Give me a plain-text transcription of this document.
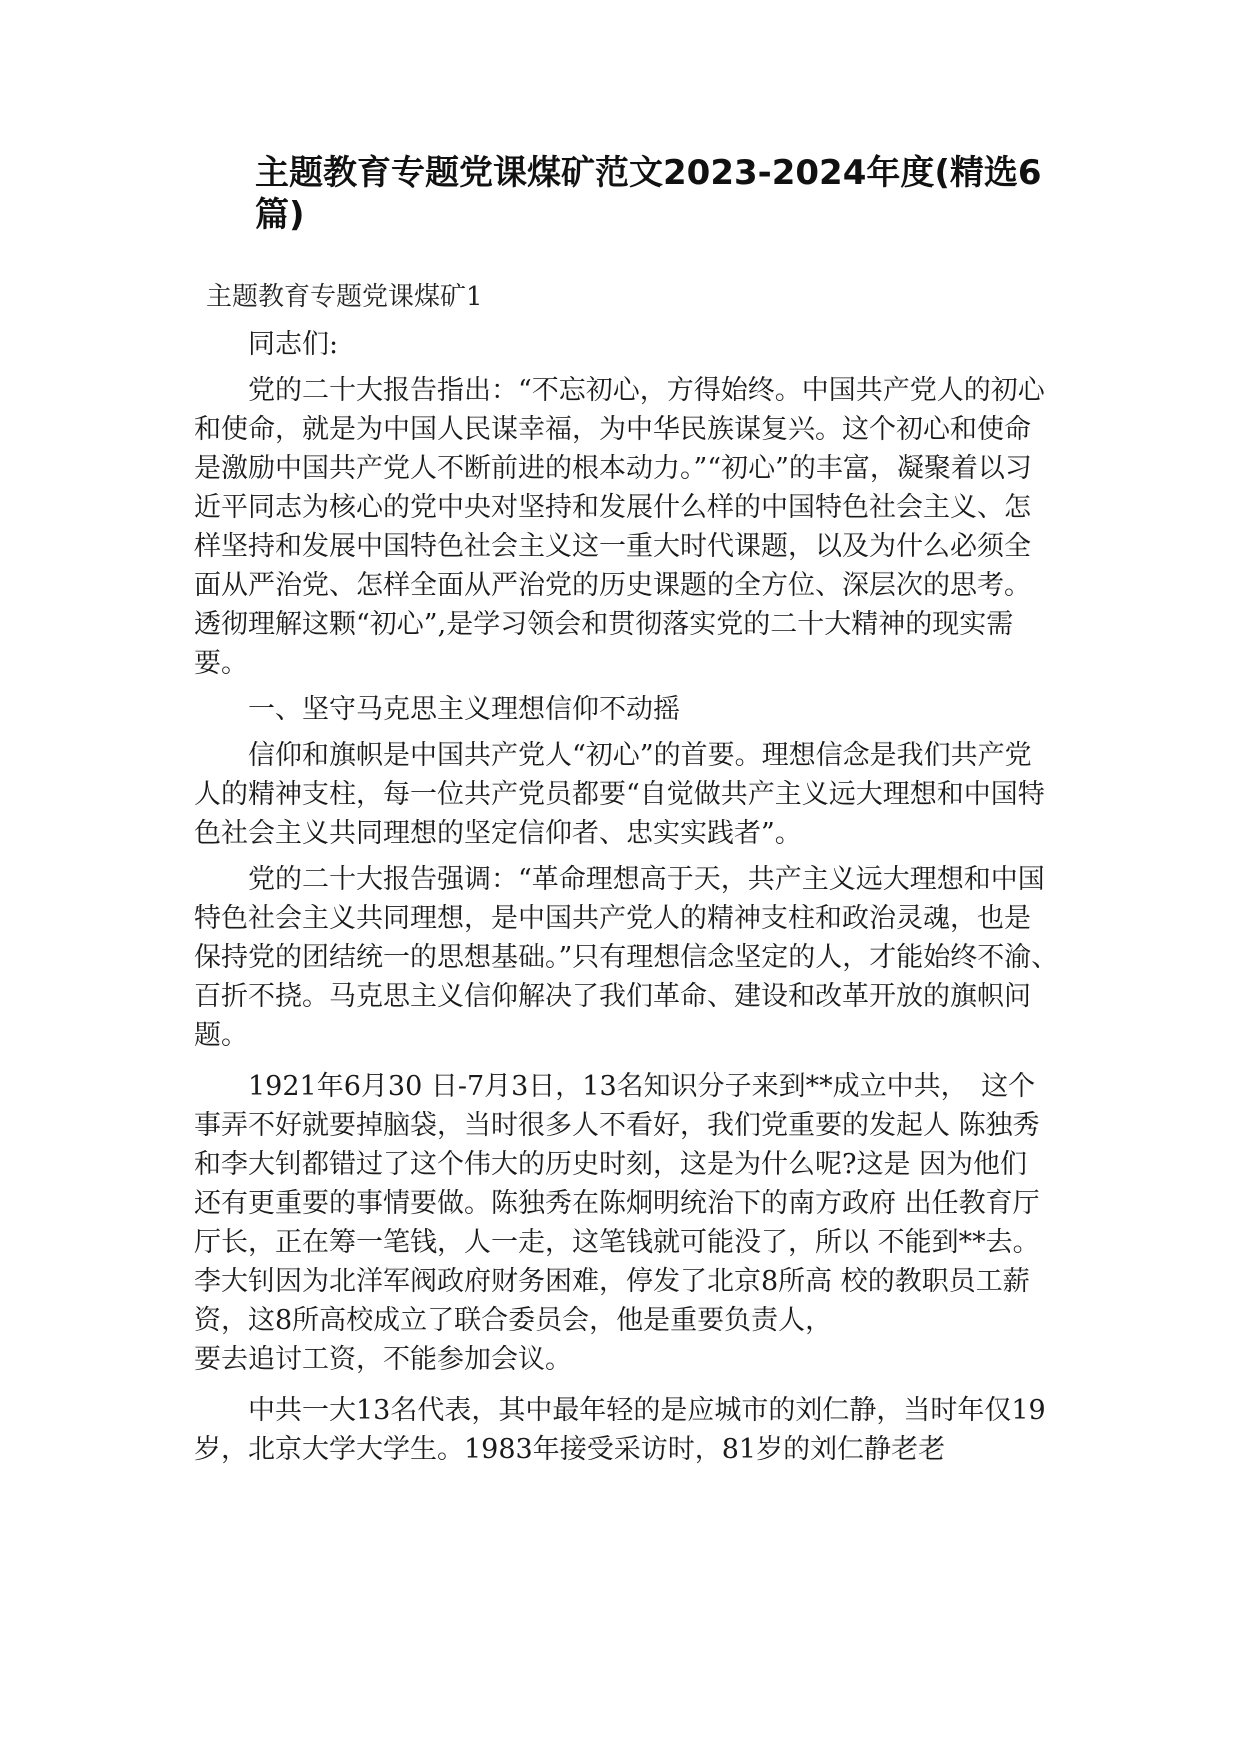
主题教育专题党课煤矿范文2023-2024年度(精选6篇)

主题教育专题党课煤矿1

同志们:

党的二十大报告指出：“不忘初心，方得始终。中国共产党人的初心和使命，就是为中国人民谋幸福，为中华民族谋复兴。这个初心和使命是激励中国共产党人不断前进的根本动力。”“初心”的丰富，凝聚着以习近平同志为核心的党中央对坚持和发展什么样的中国特色社会主义、怎样坚持和发展中国特色社会主义这一重大时代课题，以及为什么必须全面从严治党、怎样全面从严治党的历史课题的全方位、深层次的思考。透彻理解这颗“初心”,是学习领会和贯彻落实党的二十大精神的现实需要。

一、坚守马克思主义理想信仰不动摇

信仰和旗帜是中国共产党人“初心”的首要。理想信念是我们共产党人的精神支柱，每一位共产党员都要“自觉做共产主义远大理想和中国特色社会主义共同理想的坚定信仰者、忠实实践者”。

党的二十大报告强调：“革命理想高于天，共产主义远大理想和中国特色社会主义共同理想，是中国共产党人的精神支柱和政治灵魂，也是保持党的团结统一的思想基础。”只有理想信念坚定的人，才能始终不渝、　百折不挠。马克思主义信仰解决了我们革命、建设和改革开放的旗帜问题。

1921年6月30 日-7月3日，13名知识分子来到**成立中共，　这个事弄不好就要掉脑袋，当时很多人不看好，我们党重要的发起人 陈独秀和李大钊都错过了这个伟大的历史时刻，这是为什么呢?这是 因为他们还有更重要的事情要做。陈独秀在陈炯明统治下的南方政府 出任教育厅厅长，正在筹一笔钱，人一走，这笔钱就可能没了，所以 不能到**去。李大钊因为北洋军阀政府财务困难，停发了北京8所高 校的教职员工薪资，这8所高校成立了联合委员会，他是重要负责人，

要去追讨工资，不能参加会议。

中共一大13名代表，其中最年轻的是应城市的刘仁静，当时年仅19岁，北京大学大学生。1983年接受采访时，81岁的刘仁静老老
